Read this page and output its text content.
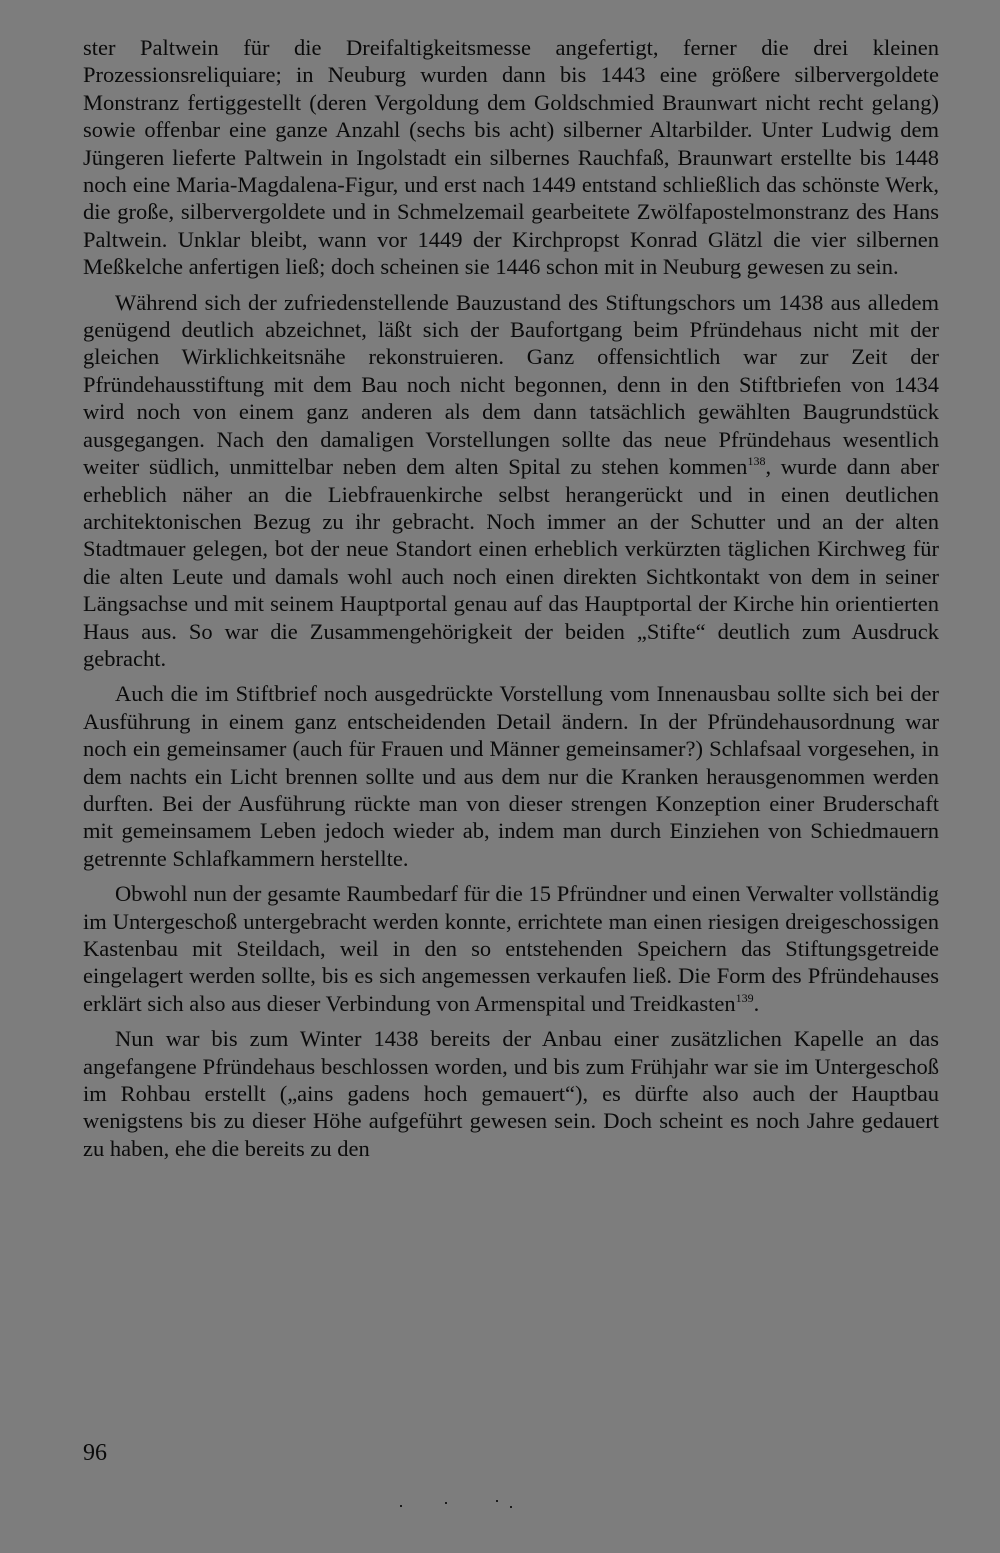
ster Paltwein für die Dreifaltigkeitsmesse angefertigt, ferner die drei kleinen Prozessionsreliquiare; in Neuburg wurden dann bis 1443 eine größere silbervergoldete Monstranz fertiggestellt (deren Vergoldung dem Goldschmied Braunwart nicht recht gelang) sowie offenbar eine ganze Anzahl (sechs bis acht) silberner Altarbilder. Unter Ludwig dem Jüngeren lieferte Paltwein in Ingolstadt ein silbernes Rauchfaß, Braunwart erstellte bis 1448 noch eine Maria-Magdalena-Figur, und erst nach 1449 entstand schließlich das schönste Werk, die große, silbervergoldete und in Schmelzemail gearbeitete Zwölfapostelmonstranz des Hans Paltwein. Unklar bleibt, wann vor 1449 der Kirchpropst Konrad Glätzl die vier silbernen Meßkelche anfertigen ließ; doch scheinen sie 1446 schon mit in Neuburg gewesen zu sein.

Während sich der zufriedenstellende Bauzustand des Stiftungschors um 1438 aus alledem genügend deutlich abzeichnet, läßt sich der Baufortgang beim Pfründehaus nicht mit der gleichen Wirklichkeitsnähe rekonstruieren. Ganz offensichtlich war zur Zeit der Pfründehausstiftung mit dem Bau noch nicht begonnen, denn in den Stiftbriefen von 1434 wird noch von einem ganz anderen als dem dann tatsächlich gewählten Baugrundstück ausgegangen. Nach den damaligen Vorstellungen sollte das neue Pfründehaus wesentlich weiter südlich, unmittelbar neben dem alten Spital zu stehen kommen$^{138}$, wurde dann aber erheblich näher an die Liebfrauenkirche selbst herangerückt und in einen deutlichen architektonischen Bezug zu ihr gebracht. Noch immer an der Schutter und an der alten Stadtmauer gelegen, bot der neue Standort einen erheblich verkürzten täglichen Kirchweg für die alten Leute und damals wohl auch noch einen direkten Sichtkontakt von dem in seiner Längsachse und mit seinem Hauptportal genau auf das Hauptportal der Kirche hin orientierten Haus aus. So war die Zusammengehörigkeit der beiden „Stifte“ deutlich zum Ausdruck gebracht.

Auch die im Stiftbrief noch ausgedrückte Vorstellung vom Innenausbau sollte sich bei der Ausführung in einem ganz entscheidenden Detail ändern. In der Pfründehausordnung war noch ein gemeinsamer (auch für Frauen und Männer gemeinsamer?) Schlafsaal vorgesehen, in dem nachts ein Licht brennen sollte und aus dem nur die Kranken herausgenommen werden durften. Bei der Ausführung rückte man von dieser strengen Konzeption einer Bruderschaft mit gemeinsamem Leben jedoch wieder ab, indem man durch Einziehen von Schiedmauern getrennte Schlafkammern herstellte.

Obwohl nun der gesamte Raumbedarf für die 15 Pfründner und einen Verwalter vollständig im Untergeschoß untergebracht werden konnte, errichtete man einen riesigen dreigeschossigen Kastenbau mit Steildach, weil in den so entstehenden Speichern das Stiftungsgetreide eingelagert werden sollte, bis es sich angemessen verkaufen ließ. Die Form des Pfründehauses erklärt sich also aus dieser Verbindung von Armenspital und Treidkasten$^{139}$.

Nun war bis zum Winter 1438 bereits der Anbau einer zusätzlichen Kapelle an das angefangene Pfründehaus beschlossen worden, und bis zum Frühjahr war sie im Untergeschoß im Rohbau erstellt („ains gadens hoch gemauert“), es dürfte also auch der Hauptbau wenigstens bis zu dieser Höhe aufgeführt gewesen sein. Doch scheint es noch Jahre gedauert zu haben, ehe die bereits zu den

96
